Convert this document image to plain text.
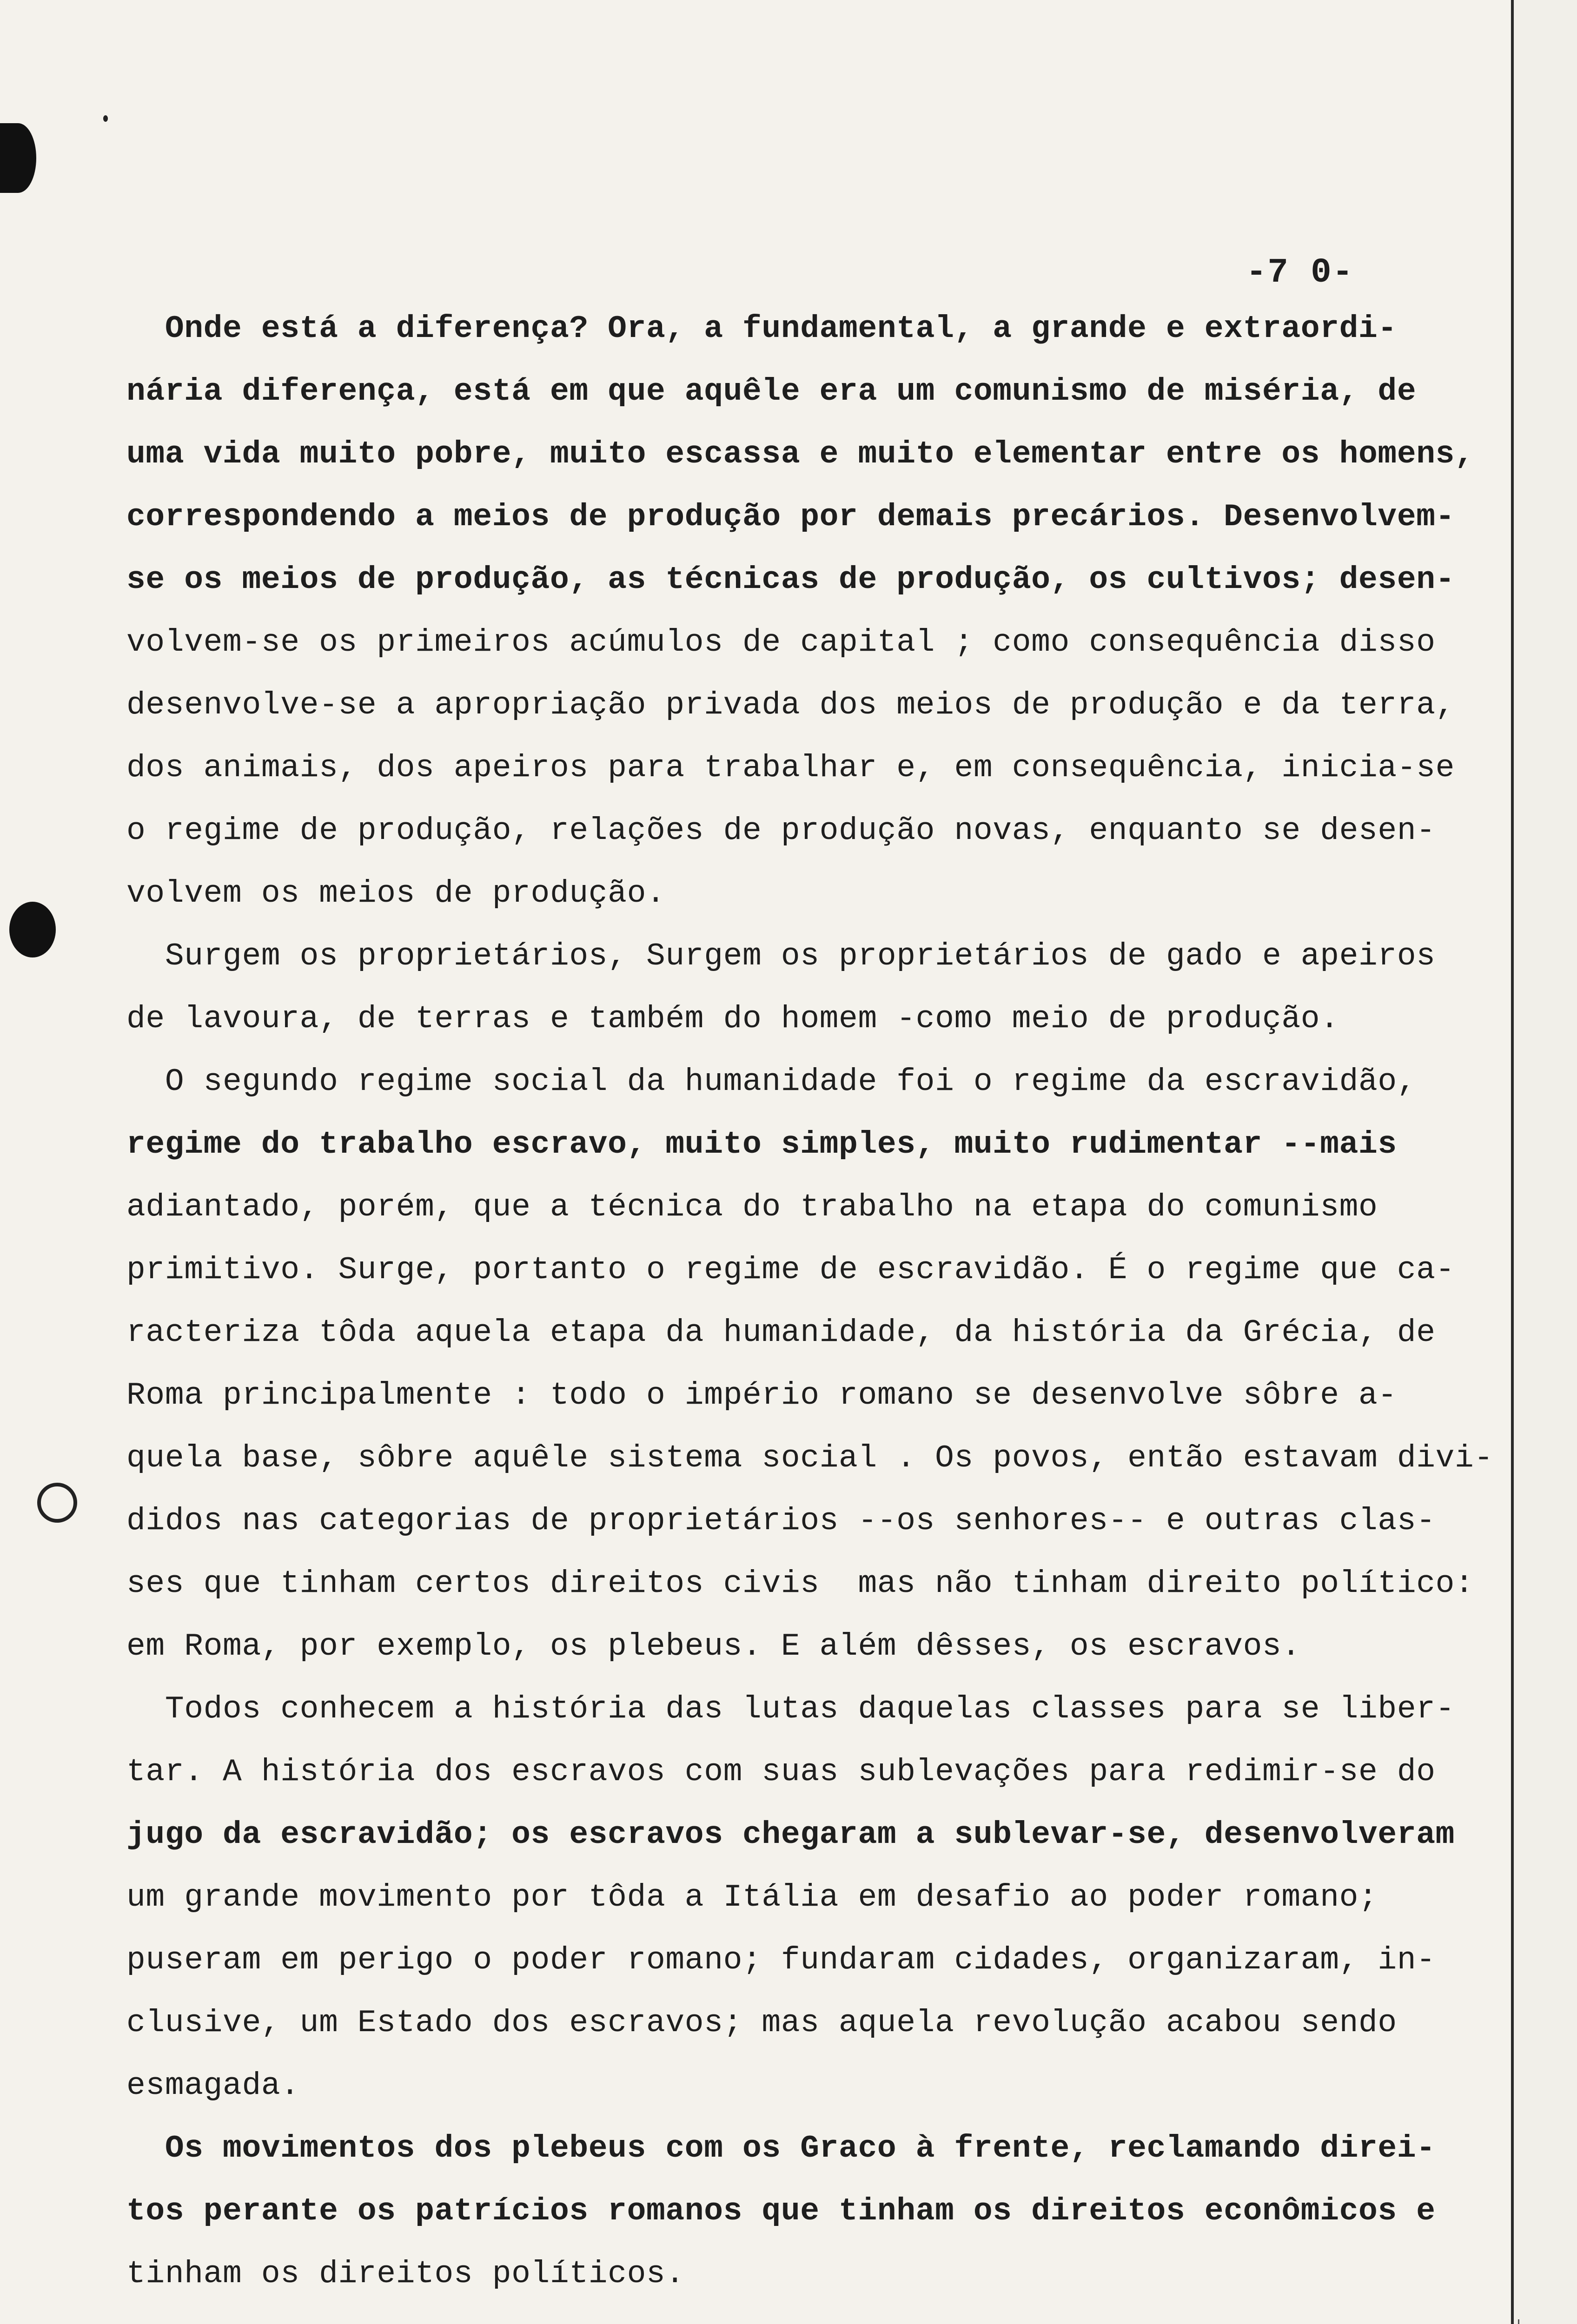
-7 0-
Onde está a diferença? Ora, a fundamental, a grande e extraordi-
nária diferença, está em que aquêle era um comunismo de miséria, de
uma vida muito pobre, muito escassa e muito elementar entre os homens,
correspondendo a meios de produção por demais precários. Desenvolvem-
se os meios de produção, as técnicas de produção, os cultivos; desen-
volvem-se os primeiros acúmulos de capital ; como consequência disso
desenvolve-se a apropriação privada dos meios de produção e da terra,
dos animais, dos apeiros para trabalhar e, em consequência, inicia-se
o regime de produção, relações de produção novas, enquanto se desen-
volvem os meios de produção.
Surgem os proprietários, Surgem os proprietários de gado e apeiros
de lavoura, de terras e também do homem -como meio de produção.
O segundo regime social da humanidade foi o regime da escravidão,
regime do trabalho escravo, muito simples, muito rudimentar --mais
adiantado, porém, que a técnica do trabalho na etapa do comunismo
primitivo. Surge, portanto o regime de escravidão. É o regime que ca-
racteriza tôda aquela etapa da humanidade, da história da Grécia, de
Roma principalmente : todo o império romano se desenvolve sôbre a-
quela base, sôbre aquêle sistema social . Os povos, então estavam divi-
didos nas categorias de proprietários --os senhores-- e outras clas-
ses que tinham certos direitos civis  mas não tinham direito político:
em Roma, por exemplo, os plebeus. E além dêsses, os escravos.
Todos conhecem a história das lutas daquelas classes para se liber-
tar. A história dos escravos com suas sublevações para redimir-se do
jugo da escravidão; os escravos chegaram a sublevar-se, desenvolveram
um grande movimento por tôda a Itália em desafio ao poder romano;
puseram em perigo o poder romano; fundaram cidades, organizaram, in-
clusive, um Estado dos escravos; mas aquela revolução acabou sendo
esmagada.
Os movimentos dos plebeus com os Graco à frente, reclamando direi-
tos perante os patrícios romanos que tinham os direitos econômicos e
tinham os direitos políticos.
